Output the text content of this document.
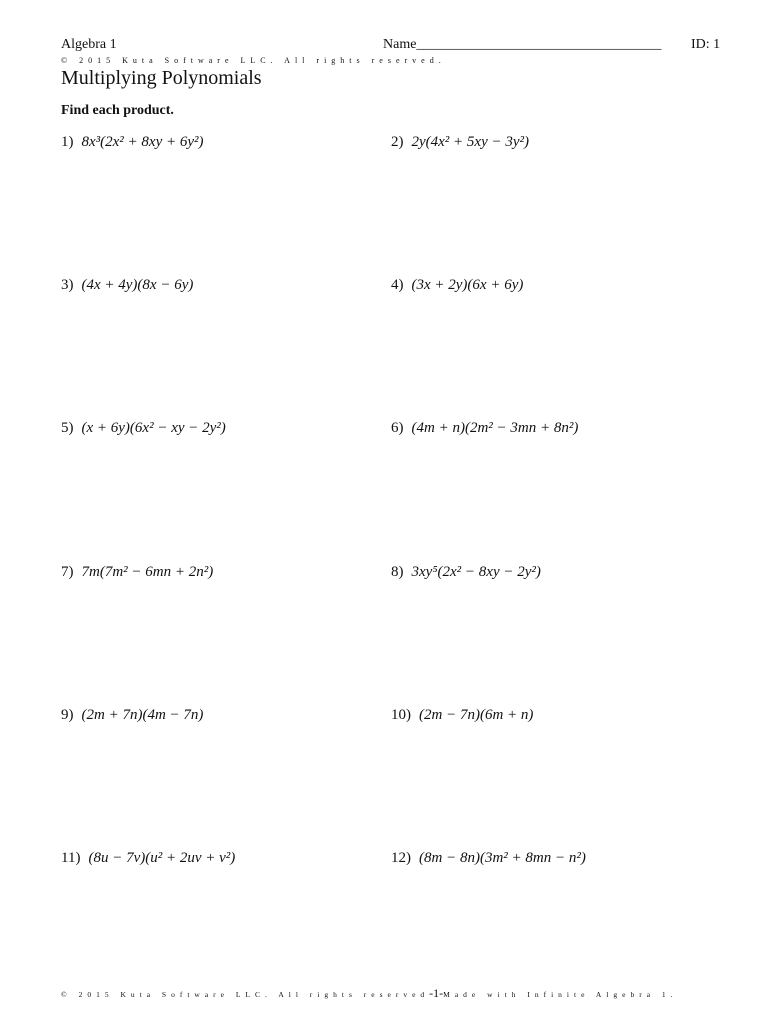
Algebra 1	Name___________________________________ ID: 1
© 2015 Kuta Software LLC. All rights reserved.
Multiplying Polynomials
Find each product.
1) 8x³(2x² + 8xy + 6y²)	2) 2y(4x² + 5xy − 3y²)
3) (4x + 4y)(8x − 6y)	4) (3x + 2y)(6x + 6y)
5) (x + 6y)(6x² − xy − 2y²)	6) (4m + n)(2m² − 3mn + 8n²)
7) 7m(7m² − 6mn + 2n²)	8) 3xy⁵(2x² − 8xy − 2y²)
9) (2m + 7n)(4m − 7n)	10) (2m − 7n)(6m + n)
11) (8u − 7v)(u² + 2uv + v²)	12) (8m − 8n)(3m² + 8mn − n²)
© 2015 Kuta Software LLC. All rights reserved-1-Made with Infinite Algebra 1.
